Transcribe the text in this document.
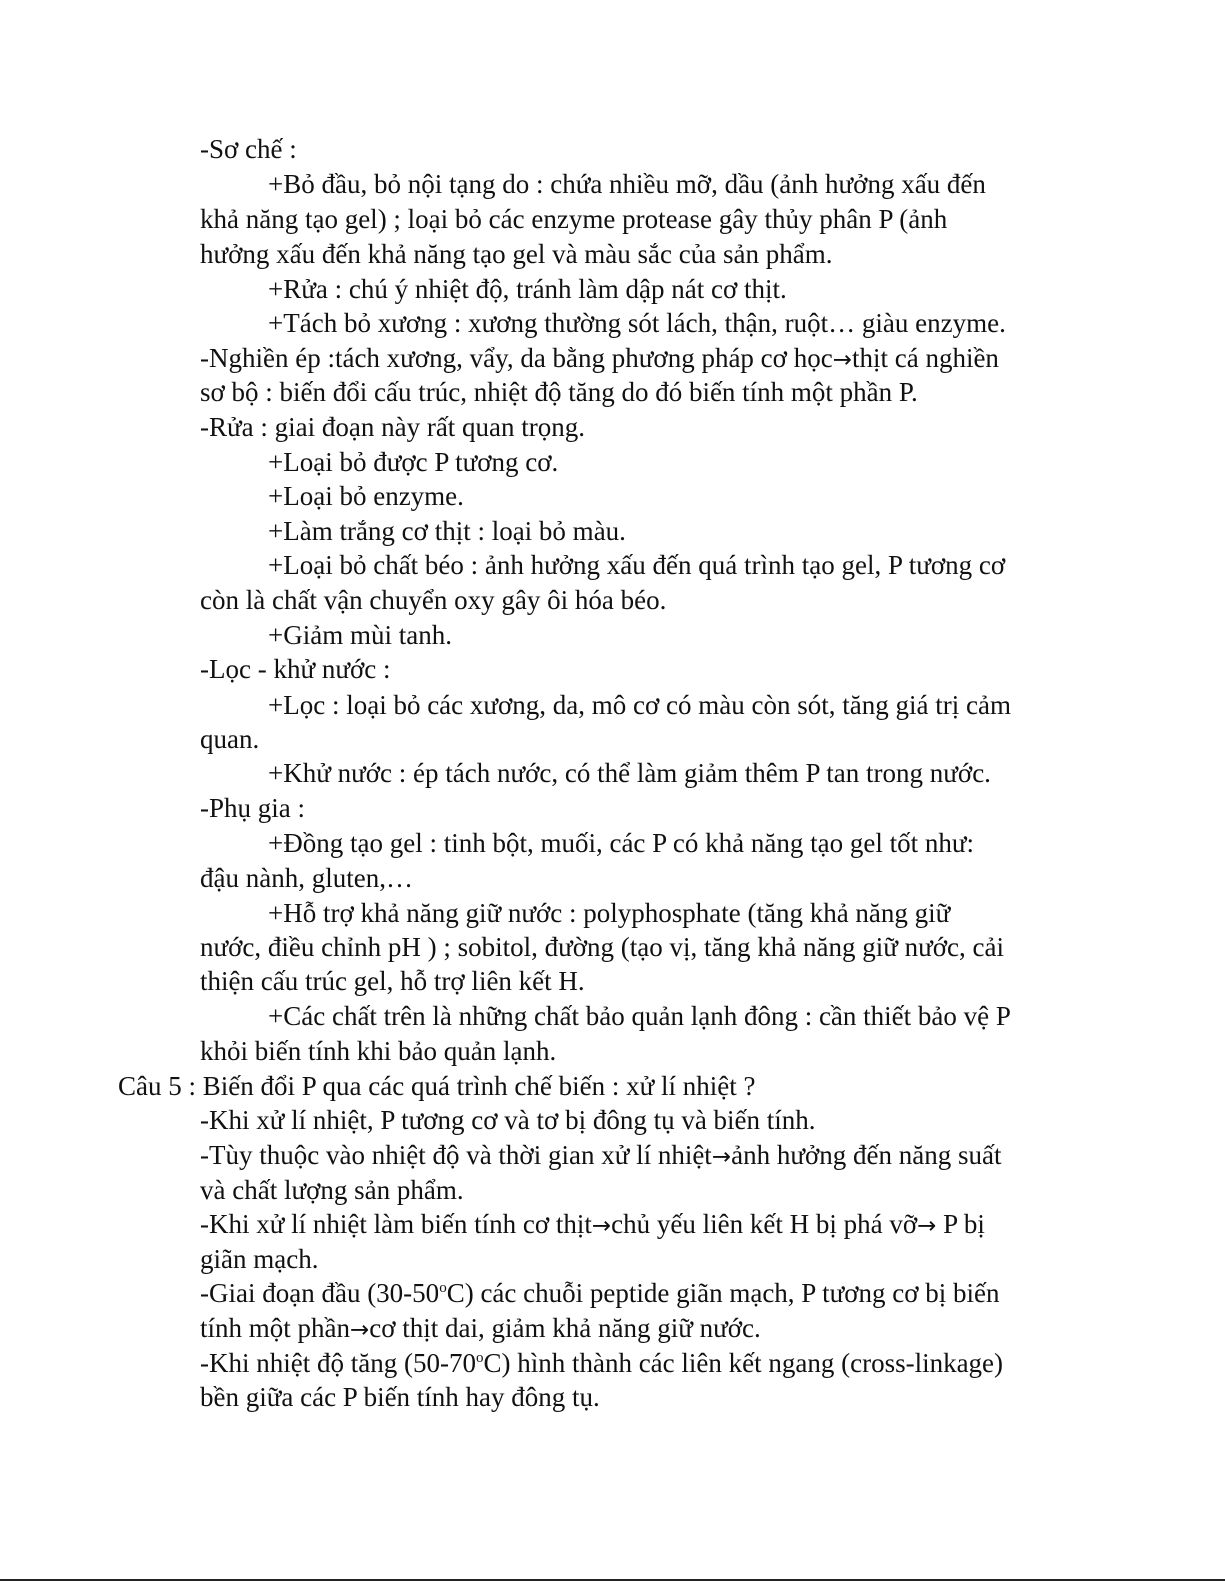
-Sơ chế :
+Bỏ đầu, bỏ nội tạng do : chứa nhiều mỡ, dầu (ảnh hưởng xấu đến
khả năng tạo gel) ; loại bỏ các enzyme protease gây thủy phân P (ảnh
hưởng xấu đến khả năng tạo gel và màu sắc của sản phẩm.
+Rửa : chú ý nhiệt độ, tránh làm dập nát cơ thịt.
+Tách bỏ xương : xương thường sót lách, thận, ruột… giàu enzyme.
-Nghiền ép :tách xương, vẩy, da bằng phương pháp cơ học→thịt cá nghiền
sơ bộ : biến đổi cấu trúc, nhiệt độ tăng do đó biến tính một phần P.
-Rửa : giai đoạn này rất quan trọng.
+Loại bỏ được P tương cơ.
+Loại bỏ enzyme.
+Làm trắng cơ thịt : loại bỏ màu.
+Loại bỏ chất béo : ảnh hưởng xấu đến quá trình tạo gel, P tương cơ
còn là chất vận chuyển oxy gây ôi hóa béo.
+Giảm mùi tanh.
-Lọc - khử nước :
+Lọc : loại bỏ các xương, da, mô cơ có màu còn sót, tăng giá trị cảm
quan.
+Khử nước : ép tách nước, có thể làm giảm thêm P tan trong nước.
-Phụ gia :
+Đồng tạo gel : tinh bột, muối, các P có khả năng tạo gel tốt như:
đậu nành, gluten,…
+Hỗ trợ khả năng giữ nước : polyphosphate (tăng khả năng giữ
nước, điều chỉnh pH ) ; sobitol, đường (tạo vị, tăng khả năng giữ nước, cải
thiện cấu trúc gel, hỗ trợ liên kết H.
+Các chất trên là những chất bảo quản lạnh đông : cần thiết bảo vệ P
khỏi biến tính khi bảo quản lạnh.
Câu 5 : Biến đổi P qua các quá trình chế biến : xử lí nhiệt ?
-Khi xử lí nhiệt, P tương cơ và tơ bị đông tụ và biến tính.
-Tùy thuộc vào nhiệt độ và thời gian xử lí nhiệt→ảnh hưởng đến năng suất
và chất lượng sản phẩm.
-Khi xử lí nhiệt làm biến tính cơ thịt→chủ yếu liên kết H bị phá vỡ→ P bị
giãn mạch.
-Giai đoạn đầu (30-50$^o$C) các chuỗi peptide giãn mạch, P tương cơ bị biến
tính một phần→cơ thịt dai, giảm khả năng giữ nước.
-Khi nhiệt độ tăng (50-70$^o$C) hình thành các liên kết ngang (cross-linkage)
bền giữa các P biến tính hay đông tụ.
